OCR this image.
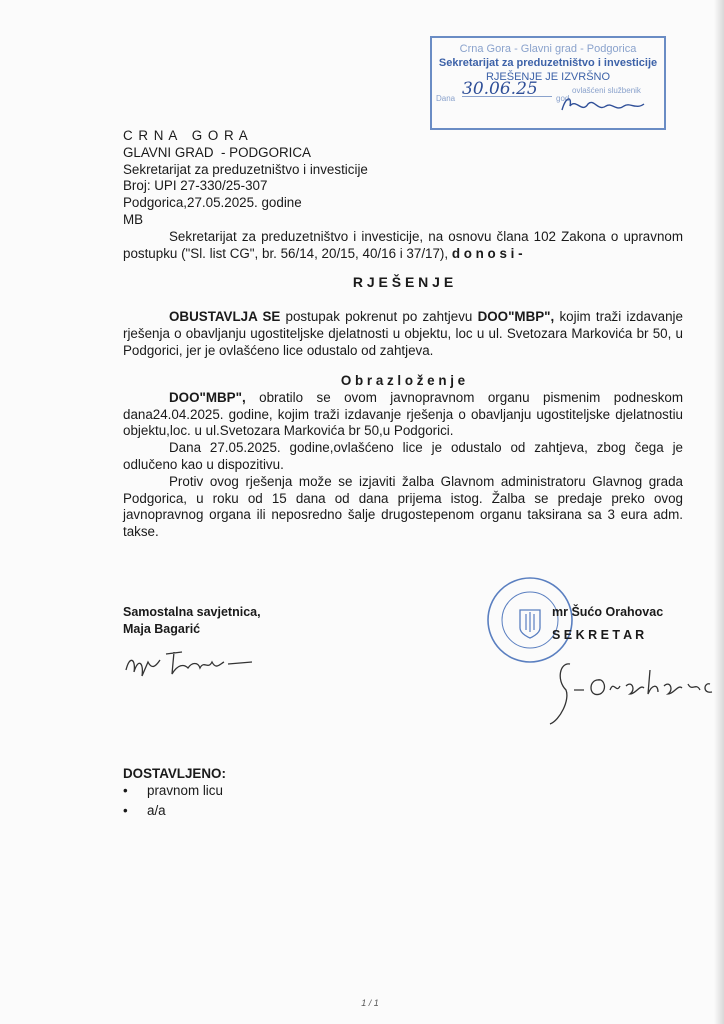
Crna Gora - Glavni grad - Podgorica
Sekretarijat za preduzetništvo i investicije
RJEŠENJE JE IZVRŠNO
Dana 30.06.25	god.
ovlašćeni službenik
C R N A   G O R A
GLAVNI GRAD  - PODGORICA
Sekretarijat za preduzetništvo i investicije
Broj: UPI 27-330/25-307
Podgorica,27.05.2025. godine
MB
Sekretarijat za preduzetništvo i investicije, na osnovu člana 102 Zakona o upravnom postupku ("Sl. list CG", br. 56/14, 20/15, 40/16 i 37/17), d o n o s i -
R J E Š E N J E
OBUSTAVLJA SE postupak pokrenut po zahtjevu DOO"MBP", kojim traži izdavanje rješenja o obavljanju ugostiteljske djelatnosti u objektu, loc u ul. Svetozara Markovića br 50, u Podgorici, jer je ovlašćeno lice odustalo od zahtjeva.
O b r a z l o ž e n j e
DOO"MBP", obratilo se ovom javnopravnom organu pismenim podneskom dana24.04.2025. godine, kojim traži izdavanje rješenja o obavljanju ugostiteljske djelatnostiu objektu,loc. u ul.Svetozara Markovića br 50,u Podgorici.
Dana 27.05.2025. godine,ovlašćeno lice je odustalo od zahtjeva, zbog čega je odlučeno kao u dispozitivu.
Protiv ovog rješenja može se izjaviti žalba Glavnom administratoru Glavnog grada Podgorica, u roku od 15 dana od dana prijema istog. Žalba se predaje preko ovog javnopravnog organa ili neposredno šalje drugostepenom organu taksirana sa 3 eura adm. takse.
Samostalna savjetnica,
Maja Bagarić
mr Šućo Orahovac
S E K R E T A R
DOSTAVLJENO:
• pravnom licu
• a/a
1 / 1
